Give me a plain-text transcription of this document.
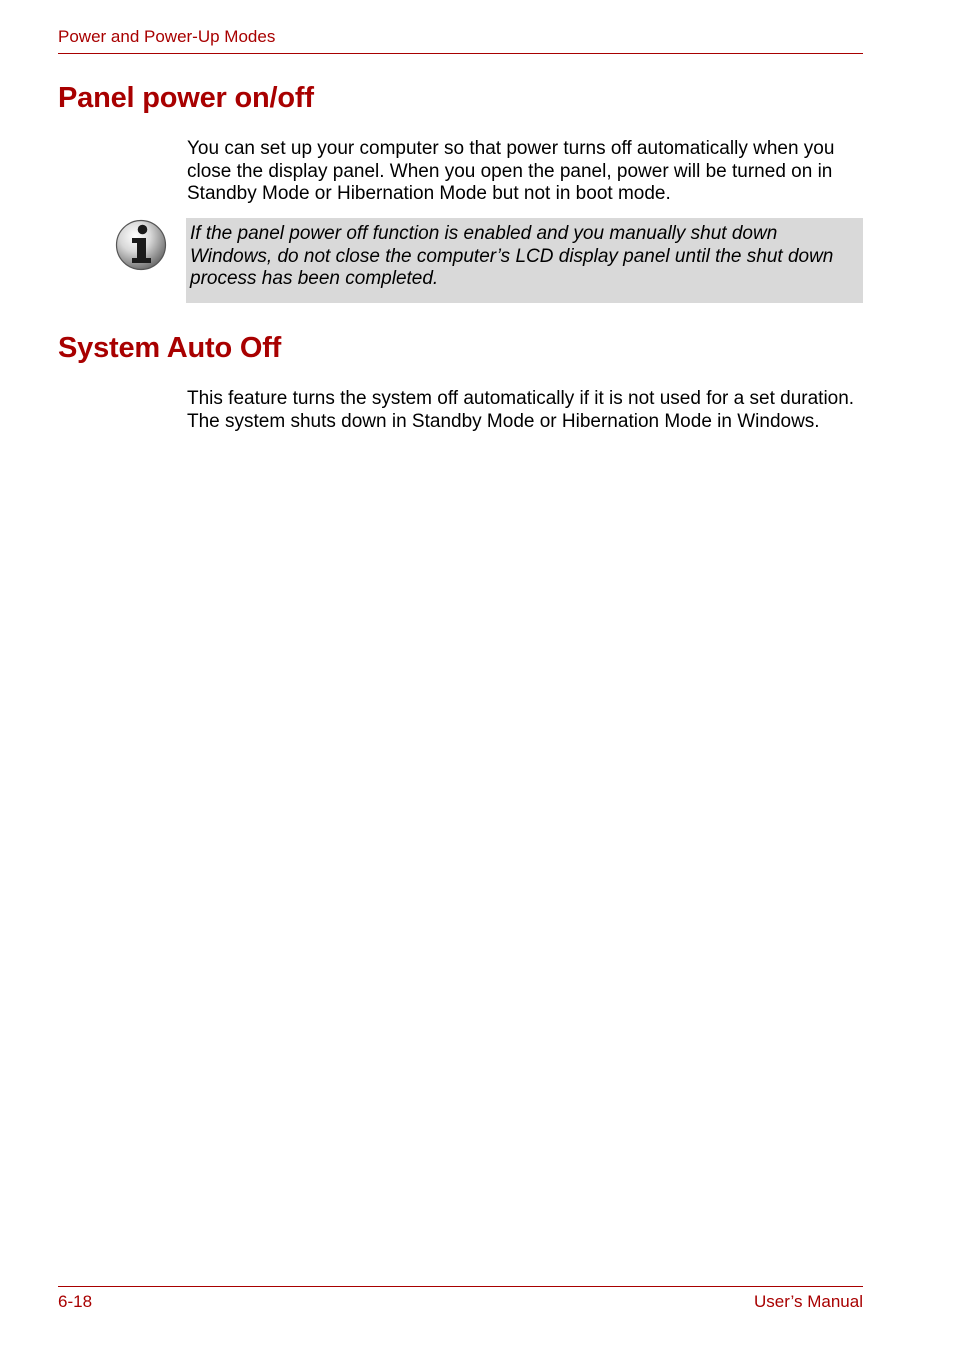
Power and Power-Up Modes
Panel power on/off

You can set up your computer so that power turns off automatically when you close the display panel. When you open the panel, power will be turned on in Standby Mode or Hibernation Mode but not in boot mode.

If the panel power off function is enabled and you manually shut down Windows, do not close the computer’s LCD display panel until the shut down process has been completed.

System Auto Off

This feature turns the system off automatically if it is not used for a set duration. The system shuts down in Standby Mode or Hibernation Mode in Windows.

6-18	User’s Manual
